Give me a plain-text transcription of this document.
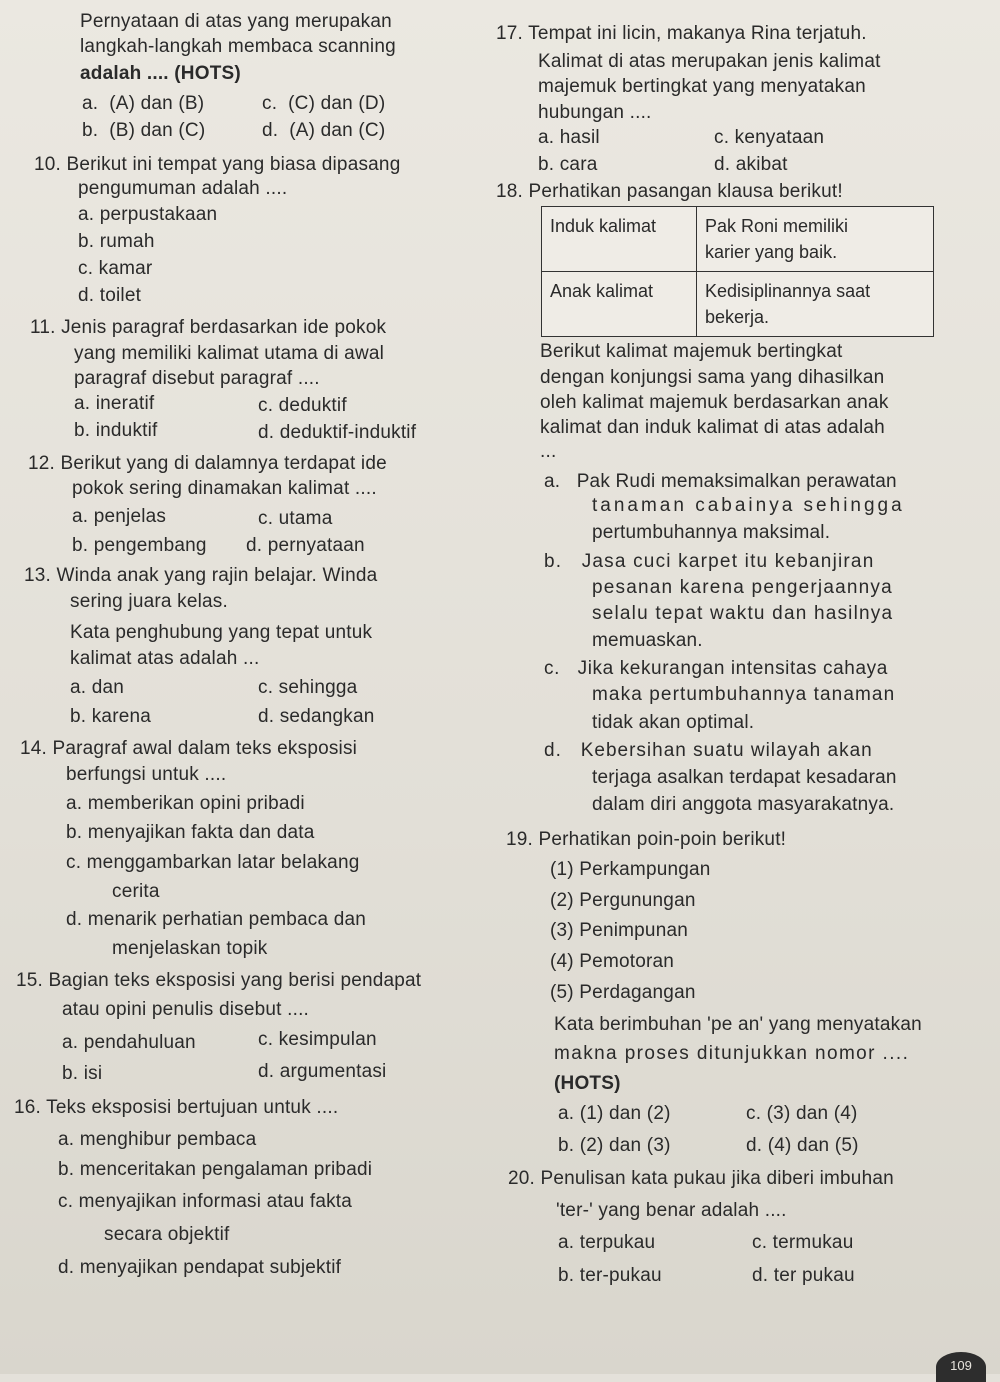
Pernyataan di atas yang merupakan
langkah-langkah membaca scanning
adalah .... (HOTS)
a. (A) dan (B)	c. (C) dan (D)
b. (B) dan (C)	d. (A) dan (C)
10. Berikut ini tempat yang biasa dipasang
pengumuman adalah ....
a. perpustakaan
b. rumah
c. kamar
d. toilet
11. Jenis paragraf berdasarkan ide pokok
yang memiliki kalimat utama di awal
paragraf disebut paragraf ....
a. ineratif	c. deduktif
b. induktif	d. deduktif-induktif
12. Berikut yang di dalamnya terdapat ide
pokok sering dinamakan kalimat ....
a. penjelas	c. utama
b. pengembang d. pernyataan
13. Winda anak yang rajin belajar. Winda
sering juara kelas.
Kata penghubung yang tepat untuk
kalimat atas adalah ...
a. dan	c. sehingga
b. karena	d. sedangkan
14. Paragraf awal dalam teks eksposisi
berfungsi untuk ....
a. memberikan opini pribadi
b. menyajikan fakta dan data
c. menggambarkan latar belakang
cerita
d. menarik perhatian pembaca dan
menjelaskan topik
15. Bagian teks eksposisi yang berisi pendapat
atau opini penulis disebut ....
a. pendahuluan	c. kesimpulan
b. isi	d. argumentasi
16. Teks eksposisi bertujuan untuk ....
a. menghibur pembaca
b. menceritakan pengalaman pribadi
c. menyajikan informasi atau fakta
secara objektif
d. menyajikan pendapat subjektif
17. Tempat ini licin, makanya Rina terjatuh.
Kalimat di atas merupakan jenis kalimat
majemuk bertingkat yang menyatakan
hubungan ....
a. hasil	c. kenyataan
b. cara	d. akibat
18. Perhatikan pasangan klausa berikut!
Induk kalimat	Pak Roni memiliki
karier yang baik.
Anak kalimat	Kedisiplinannya saat
bekerja.
Berikut kalimat majemuk bertingkat
dengan konjungsi sama yang dihasilkan
oleh kalimat majemuk berdasarkan anak
kalimat dan induk kalimat di atas adalah
...
a. Pak Rudi memaksimalkan perawatan
tanaman cabainya sehingga
pertumbuhannya maksimal.
b. Jasa cuci karpet itu kebanjiran
pesanan karena pengerjaannya
selalu tepat waktu dan hasilnya
memuaskan.
c. Jika kekurangan intensitas cahaya
maka pertumbuhannya tanaman
tidak akan optimal.
d. Kebersihan suatu wilayah akan
terjaga asalkan terdapat kesadaran
dalam diri anggota masyarakatnya.
19. Perhatikan poin-poin berikut!
(1) Perkampungan
(2) Pergunungan
(3) Penimpunan
(4) Pemotoran
(5) Perdagangan
Kata berimbuhan 'pe an' yang menyatakan
makna proses ditunjukkan nomor ....
(HOTS)
a. (1) dan (2)	c. (3) dan (4)
b. (2) dan (3)	d. (4) dan (5)
20. Penulisan kata pukau jika diberi imbuhan
'ter-' yang benar adalah ....
a. terpukau	c. termukau
b. ter-pukau	d. ter pukau
109
